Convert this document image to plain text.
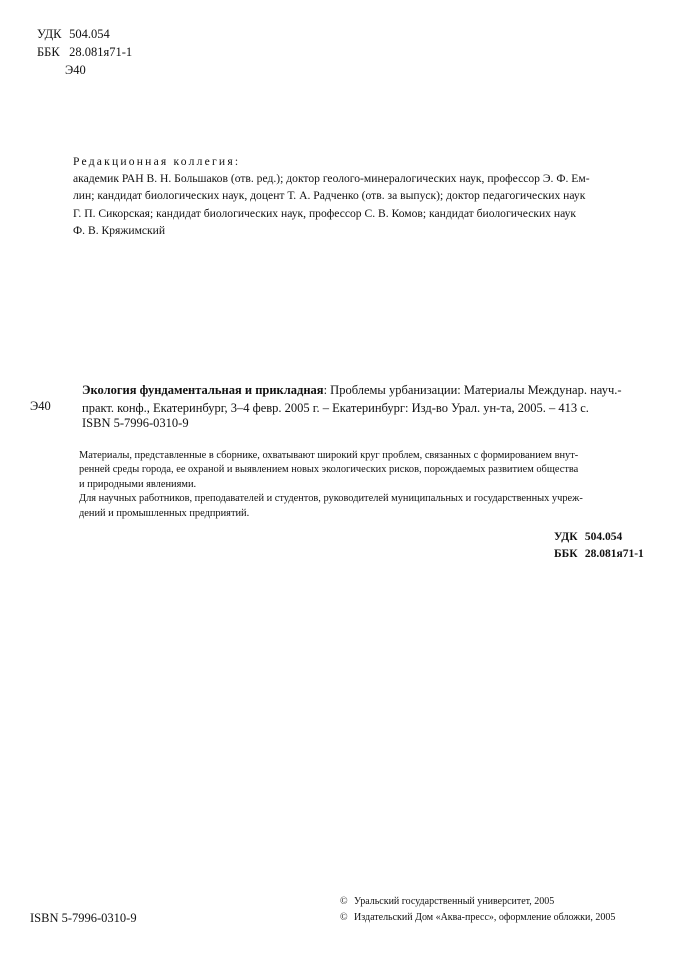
УДК 504.054
ББК 28.081я71-1
Э40
Редакционная коллегия:
академик РАН В. Н. Большаков (отв. ред.); доктор геолого-минералогических наук, профессор Э. Ф. Ем-
лин; кандидат биологических наук, доцент Т. А. Радченко (отв. за выпуск); доктор педагогических наук
Г. П. Сикорская; кандидат биологических наук, профессор С. В. Комов; кандидат биологических наук
Ф. В. Кряжимский
Э40
Экология фундаментальная и прикладная: Проблемы урбанизации: Материалы Междунар. науч.-
практ. конф., Екатеринбург, 3–4 февр. 2005 г. – Екатеринбург: Изд-во Урал. ун-та, 2005. – 413 с.
ISBN 5-7996-0310-9
Материалы, представленные в сборнике, охватывают широкий круг проблем, связанных с формированием внут-
ренней среды города, ее охраной и выявлением новых экологических рисков, порождаемых развитием общества
и природными явлениями.
Для научных работников, преподавателей и студентов, руководителей муниципальных и государственных учреж-
дений и промышленных предприятий.
УДК 504.054
ББК 28.081я71-1
ISBN 5-7996-0310-9
© Уральский государственный университет, 2005
© Издательский Дом «Аква-пресс», оформление обложки, 2005
